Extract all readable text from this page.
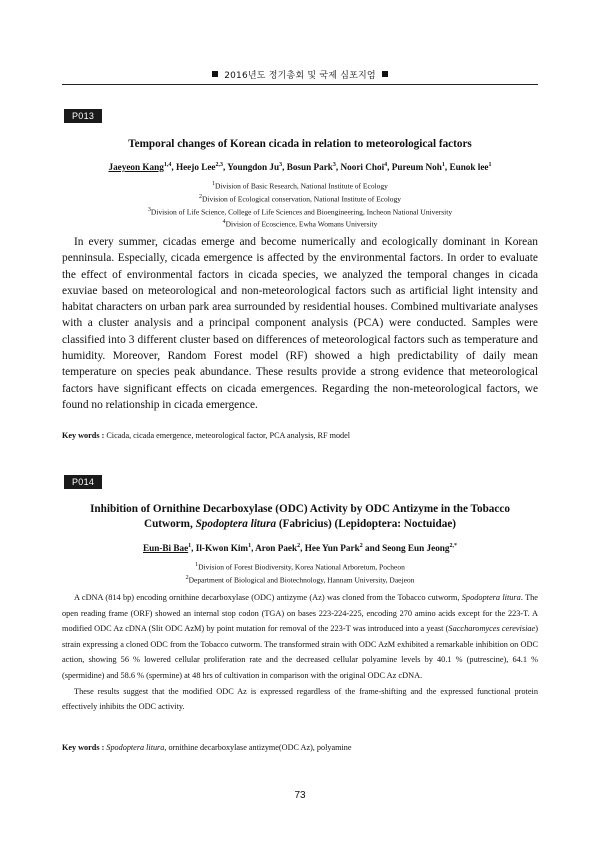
2016년도 정기총회 및 국제 심포지엄
P013
Temporal changes of Korean cicada in relation to meteorological factors
Jaeyeon Kang$^{1,4}$, Heejo Lee$^{2,3}$, Youngdon Ju$^3$, Bosun Park$^3$, Noori Choi$^4$, Pureum Noh$^1$, Eunok lee$^1$
$^1$Division of Basic Research, National Institute of Ecology
$^2$Division of Ecological conservation, National Institute of Ecology
$^3$Division of Life Science, College of Life Sciences and Bioengineering, Incheon National University
$^4$Division of Ecoscience, Ewha Womans University
In every summer, cicadas emerge and become numerically and ecologically dominant in Korean penninsula. Especially, cicada emergence is affected by the environmental factors. In order to evaluate the effect of environmental factors in cicada species, we analyzed the temporal changes in cicada exuviae based on meteorological and non-meteorological factors such as artificial light intensity and habitat characters on urban park area surrounded by residential houses. Combined multivariate analyses with a cluster analysis and a principal component analysis (PCA) were conducted. Samples were classified into 3 different cluster based on differences of meteorological factors such as temperature and humidity. Moreover, Random Forest model (RF) showed a high predictability of daily mean temperature on species peak abundance. These results provide a strong evidence that meteorological factors have significant effects on cicada emergences. Regarding the non-meteorological factors, we found no relationship in cicada emergence.
Key words : Cicada, cicada emergence, meteorological factor, PCA analysis, RF model
P014
Inhibition of Ornithine Decarboxylase (ODC) Activity by ODC Antizyme in the Tobacco
Cutworm, Spodoptera litura (Fabricius) (Lepidoptera: Noctuidae)
Eun-Bi Bae$^1$, Il-Kwon Kim$^1$, Aron Paek$^2$, Hee Yun Park$^2$ and Seong Eun Jeong$^{2,*}$
$^1$Division of Forest Biodiversity, Korea National Arboretum, Pocheon
$^2$Department of Biological and Biotechnology, Hannam University, Daejeon

A cDNA (814 bp) encoding ornithine decarboxylase (ODC) antizyme (Az) was cloned from the Tobacco cutworm, Spodoptera litura. The open reading frame (ORF) showed an internal stop codon (TGA) on bases 223-224-225, encoding 270 amino acids except for the 223-T. A modified ODC Az cDNA (Slit ODC AzM) by point mutation for removal of the 223-T was introduced into a yeast (Saccharomyces cerevisiae) strain expressing a cloned ODC from the Tobacco cutworm. The transformed strain with ODC AzM exhibited a remarkable inhibition on ODC action, showing 56 % lowered cellular proliferation rate and the decreased cellular polyamine levels by 40.1 % (putrescine), 64.1 % (spermidine) and 58.6 % (spermine) at 48 hrs of cultivation in comparison with the original ODC Az cDNA.

These results suggest that the modified ODC Az is expressed regardless of the frame-shifting and the expressed functional protein effectively inhibits the ODC activity.

Key words : Spodoptera litura, ornithine decarboxylase antizyme(ODC Az), polyamine
73
